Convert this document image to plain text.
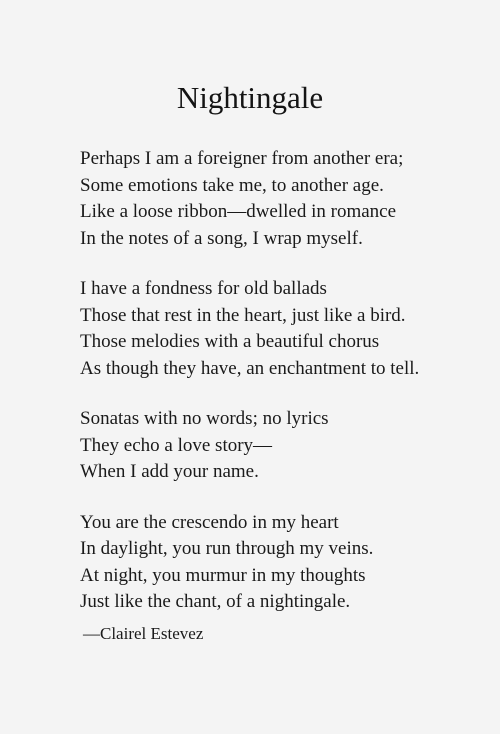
Nightingale
Perhaps I am a foreigner from another era;
Some emotions take me, to another age.
Like a loose ribbon—dwelled in romance
In the notes of a song, I wrap myself.
I have a fondness for old ballads
Those that rest in the heart, just like a bird.
Those melodies with a beautiful chorus
As though they have, an enchantment to tell.
Sonatas with no words; no lyrics
They echo a love story—
When I add your name.
You are the crescendo in my heart
In daylight, you run through my veins.
At night, you murmur in my thoughts
Just like the chant, of a nightingale.
—Clairel Estevez
